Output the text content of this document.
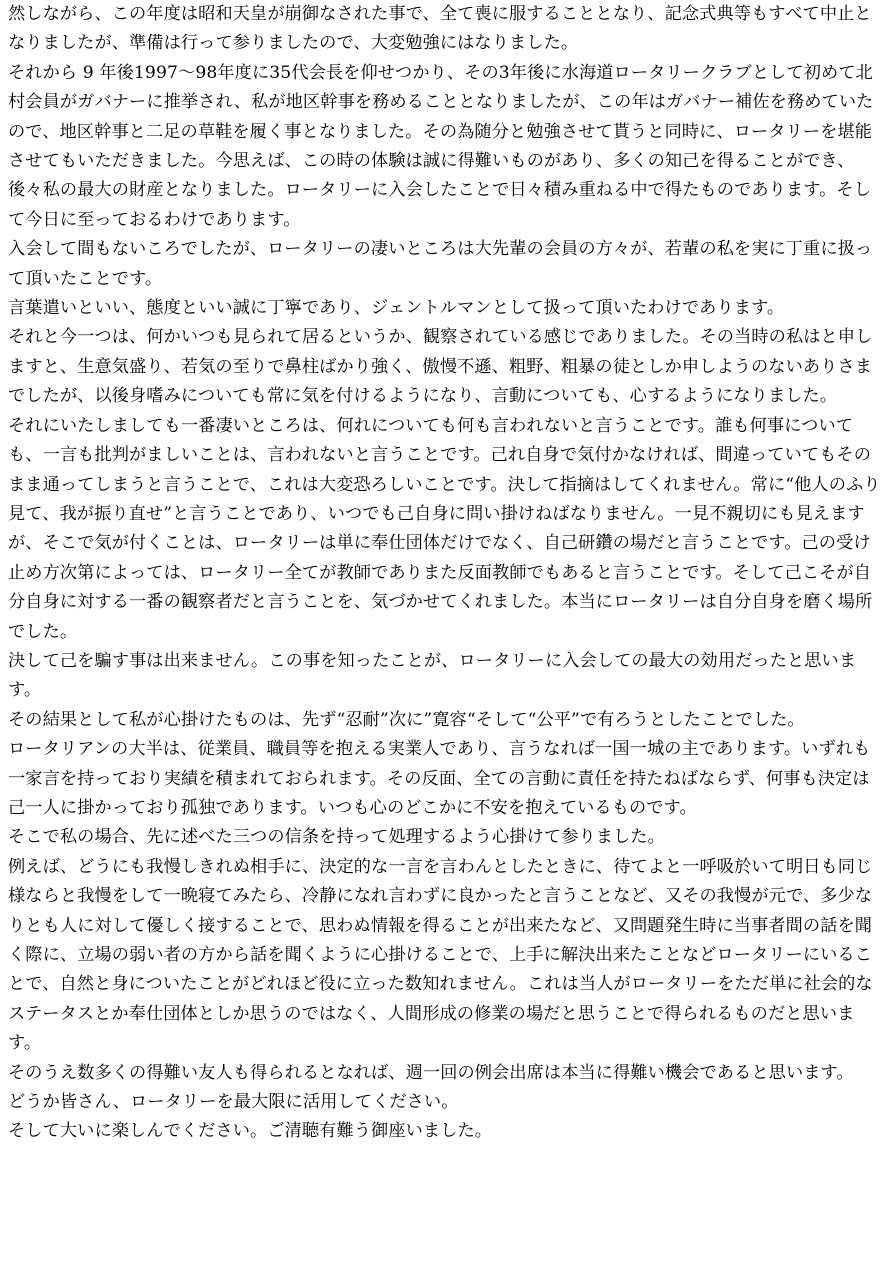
然しながら、この年度は昭和天皇が崩御なされた事で、全て喪に服することとなり、記念式典等もすべて中止となりましたが、準備は行って参りましたので、大変勉強にはなりました。

それから 9 年後1997～98年度に35代会長を仰せつかり、その3年後に水海道ロータリークラブとして初めて北村会員がガバナーに推挙され、私が地区幹事を務めることとなりましたが、この年はガバナー補佐を務めていたので、地区幹事と二足の草鞋を履く事となりました。その為随分と勉強させて貰うと同時に、ロータリーを堪能させてもいただきました。今思えば、この時の体験は誠に得難いものがあり、多くの知己を得ることができ、後々私の最大の財産となりました。ロータリーに入会したことで日々積み重ねる中で得たものであります。そして今日に至っておるわけであります。

入会して間もないころでしたが、ロータリーの凄いところは大先輩の会員の方々が、若輩の私を実に丁重に扱って頂いたことです。

言葉遣いといい、態度といい誠に丁寧であり、ジェントルマンとして扱って頂いたわけであります。

それと今一つは、何かいつも見られて居るというか、観察されている感じでありました。その当時の私はと申しますと、生意気盛り、若気の至りで鼻柱ばかり強く、傲慢不遜、粗野、粗暴の徒としか申しようのないありさまでしたが、以後身嗜みについても常に気を付けるようになり、言動についても、心するようになりました。

それにいたしましても一番凄いところは、何れについても何も言われないと言うことです。誰も何事についても、一言も批判がましいことは、言われないと言うことです。己れ自身で気付かなければ、間違っていてもそのまま通ってしまうと言うことで、これは大変恐ろしいことです。決して指摘はしてくれません。常に“他人のふり見て、我が振り直せ”と言うことであり、いつでも己自身に問い掛けねばなりません。一見不親切にも見えますが、そこで気が付くことは、ロータリーは単に奉仕団体だけでなく、自己研鑽の場だと言うことです。己の受け止め方次第によっては、ロータリー全てが教師でありまた反面教師でもあると言うことです。そして己こそが自分自身に対する一番の観察者だと言うことを、気づかせてくれました。本当にロータリーは自分自身を磨く場所でした。

決して己を騙す事は出来ません。この事を知ったことが、ロータリーに入会しての最大の効用だったと思います。

その結果として私が心掛けたものは、先ず“忍耐”次に”寛容“そして“公平”で有ろうとしたことでした。

ロータリアンの大半は、従業員、職員等を抱える実業人であり、言うなれば一国一城の主であります。いずれも一家言を持っており実績を積まれておられます。その反面、全ての言動に責任を持たねばならず、何事も決定は己一人に掛かっており孤独であります。いつも心のどこかに不安を抱えているものです。

そこで私の場合、先に述べた三つの信条を持って処理するよう心掛けて参りました。

例えば、どうにも我慢しきれぬ相手に、決定的な一言を言わんとしたときに、待てよと一呼吸於いて明日も同じ様ならと我慢をして一晩寝てみたら、冷静になれ言わずに良かったと言うことなど、又その我慢が元で、多少なりとも人に対して優しく接することで、思わぬ情報を得ることが出来たなど、又問題発生時に当事者間の話を聞く際に、立場の弱い者の方から話を聞くように心掛けることで、上手に解決出来たことなどロータリーにいることで、自然と身についたことがどれほど役に立った数知れません。これは当人がロータリーをただ単に社会的なステータスとか奉仕団体としか思うのではなく、人間形成の修業の場だと思うことで得られるものだと思います。

そのうえ数多くの得難い友人も得られるとなれば、週一回の例会出席は本当に得難い機会であると思います。

どうか皆さん、ロータリーを最大限に活用してください。

そして大いに楽しんでください。ご清聴有難う御座いました。
